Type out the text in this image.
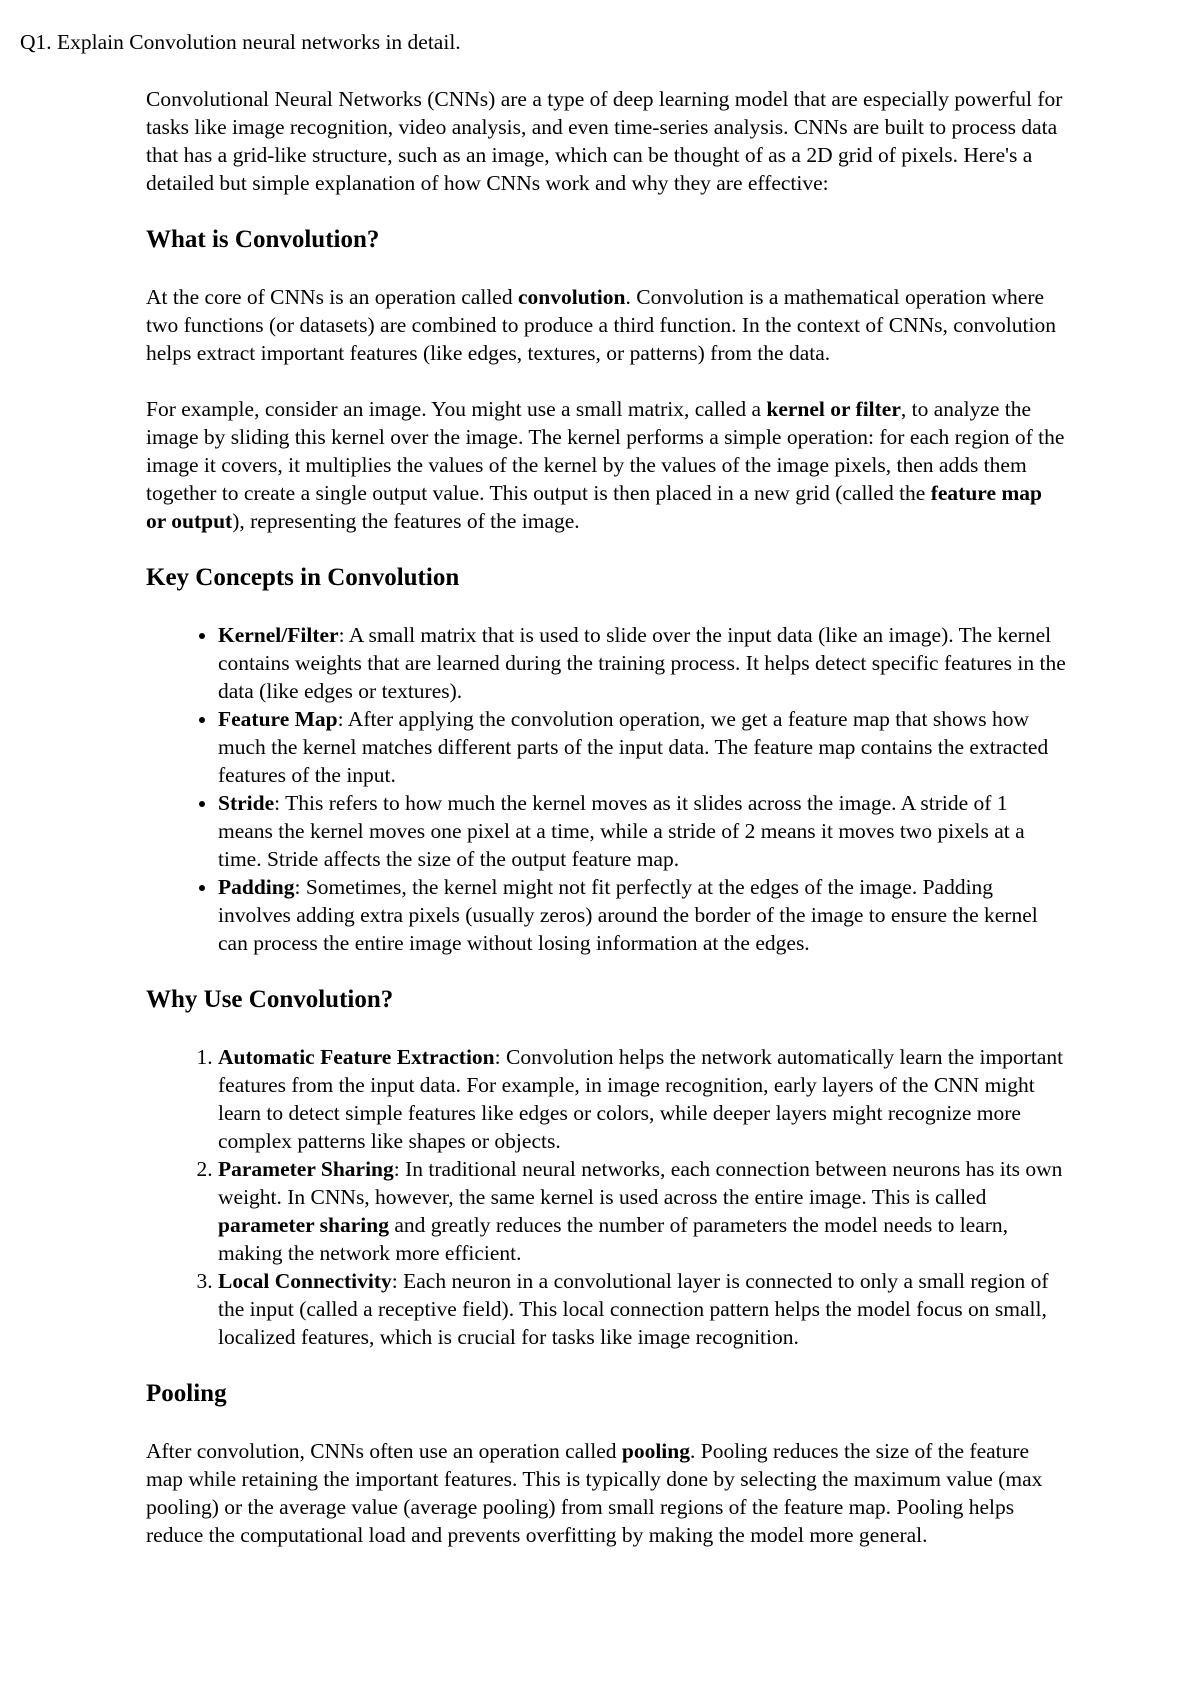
Q1. Explain Convolution neural networks in detail.

Convolutional Neural Networks (CNNs) are a type of deep learning model that are especially powerful for tasks like image recognition, video analysis, and even time-series analysis. CNNs are built to process data that has a grid-like structure, such as an image, which can be thought of as a 2D grid of pixels. Here's a detailed but simple explanation of how CNNs work and why they are effective:

What is Convolution?

At the core of CNNs is an operation called convolution. Convolution is a mathematical operation where two functions (or datasets) are combined to produce a third function. In the context of CNNs, convolution helps extract important features (like edges, textures, or patterns) from the data.

For example, consider an image. You might use a small matrix, called a kernel or filter, to analyze the image by sliding this kernel over the image. The kernel performs a simple operation: for each region of the image it covers, it multiplies the values of the kernel by the values of the image pixels, then adds them together to create a single output value. This output is then placed in a new grid (called the feature map or output), representing the features of the image.

Key Concepts in Convolution
• Kernel/Filter: A small matrix that is used to slide over the input data (like an image). The kernel contains weights that are learned during the training process. It helps detect specific features in the data (like edges or textures).
• Feature Map: After applying the convolution operation, we get a feature map that shows how much the kernel matches different parts of the input data. The feature map contains the extracted features of the input.
• Stride: This refers to how much the kernel moves as it slides across the image. A stride of 1 means the kernel moves one pixel at a time, while a stride of 2 means it moves two pixels at a time. Stride affects the size of the output feature map.
• Padding: Sometimes, the kernel might not fit perfectly at the edges of the image. Padding involves adding extra pixels (usually zeros) around the border of the image to ensure the kernel can process the entire image without losing information at the edges.
Why Use Convolution?
1. Automatic Feature Extraction: Convolution helps the network automatically learn the important features from the input data. For example, in image recognition, early layers of the CNN might learn to detect simple features like edges or colors, while deeper layers might recognize more complex patterns like shapes or objects.
2. Parameter Sharing: In traditional neural networks, each connection between neurons has its own weight. In CNNs, however, the same kernel is used across the entire image. This is called parameter sharing and greatly reduces the number of parameters the model needs to learn, making the network more efficient.
3. Local Connectivity: Each neuron in a convolutional layer is connected to only a small region of the input (called a receptive field). This local connection pattern helps the model focus on small, localized features, which is crucial for tasks like image recognition.
Pooling

After convolution, CNNs often use an operation called pooling. Pooling reduces the size of the feature map while retaining the important features. This is typically done by selecting the maximum value (max pooling) or the average value (average pooling) from small regions of the feature map. Pooling helps reduce the computational load and prevents overfitting by making the model more general.
